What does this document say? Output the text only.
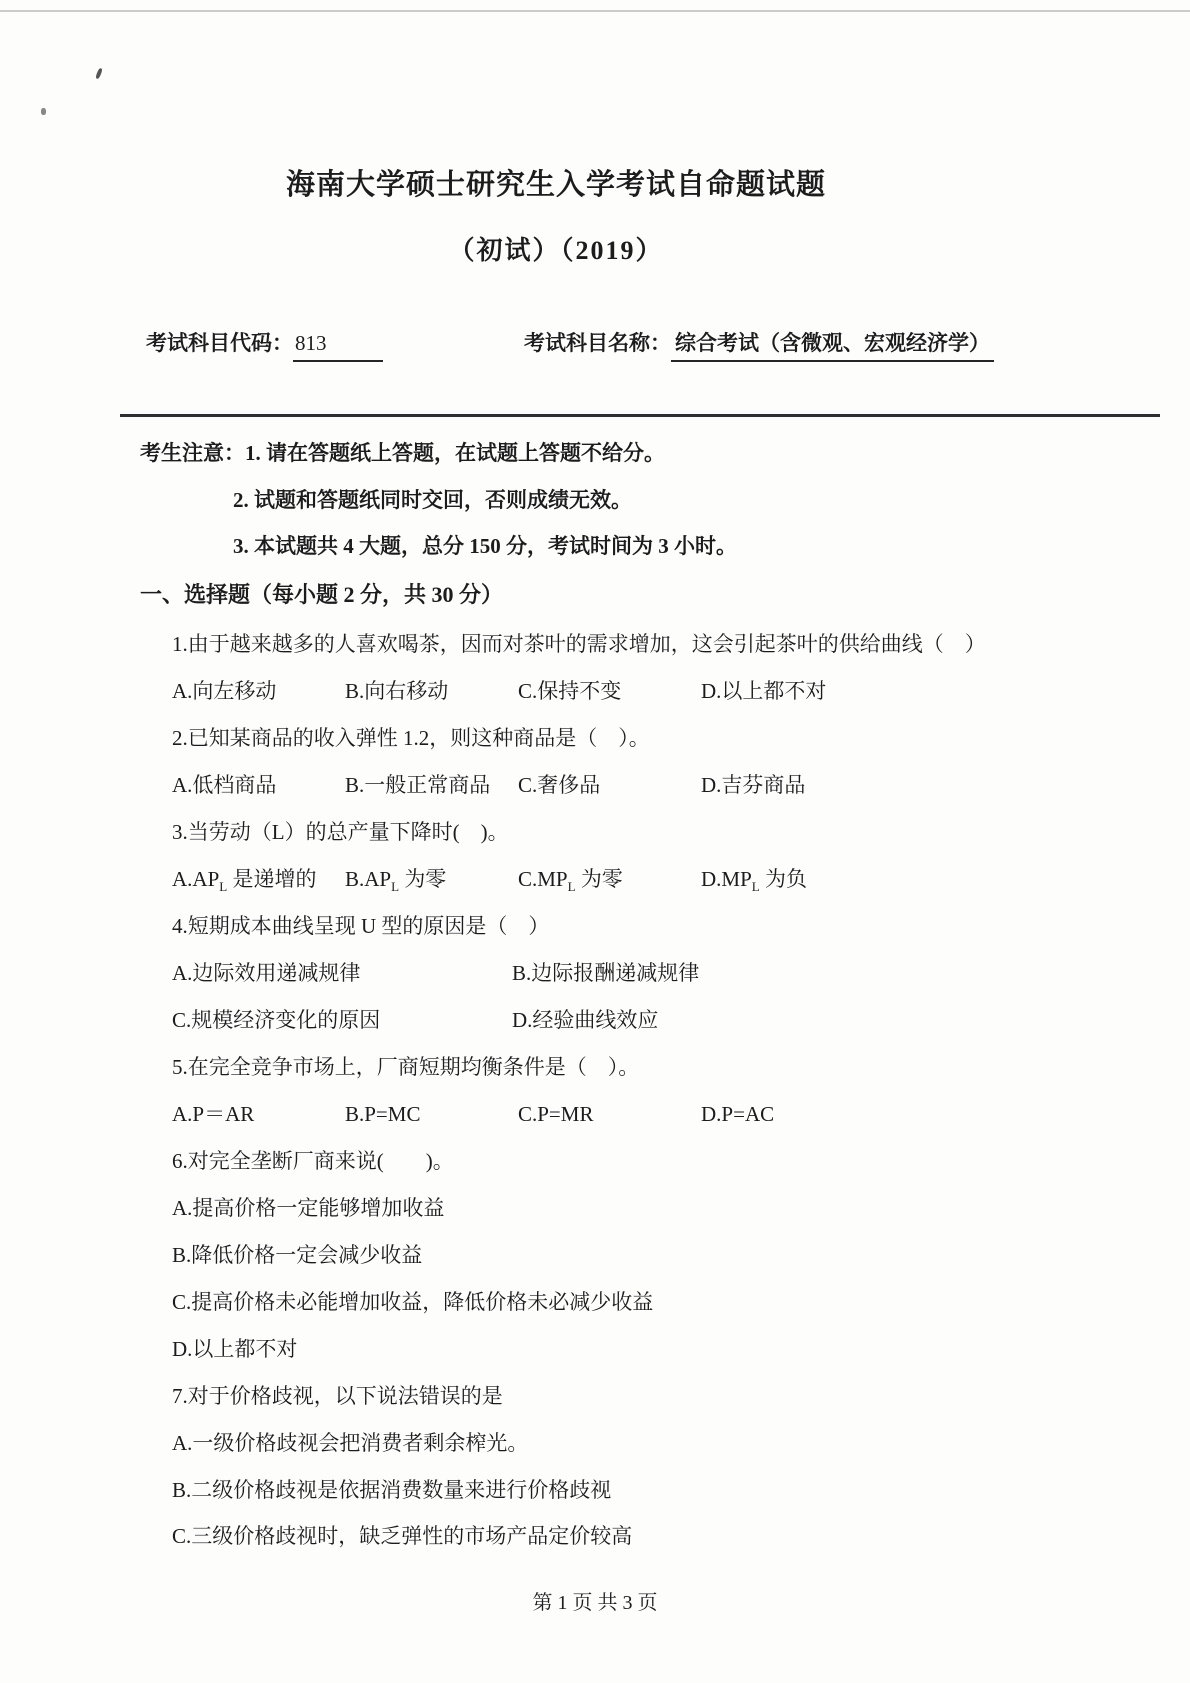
海南大学硕士研究生入学考试自命题试题
（初试）（2019）
考试科目代码：813	考试科目名称： 综合考试（含微观、宏观经济学）
考生注意：1. 请在答题纸上答题，在试题上答题不给分。
2. 试题和答题纸同时交回，否则成绩无效。
3. 本试题共 4 大题，总分 150 分，考试时间为 3 小时。
一、选择题（每小题 2 分，共 30 分）
1.由于越来越多的人喜欢喝茶，因而对茶叶的需求增加，这会引起茶叶的供给曲线（　）
A.向左移动	B.向右移动	C.保持不变	D.以上都不对
2.已知某商品的收入弹性 1.2，则这种商品是（　）。
A.低档商品	B.一般正常商品 C.奢侈品	D.吉芬商品
3.当劳动（L）的总产量下降时(　)。
$A.AP_L$ 是递增的 $B.AP_L$ 为零	$C.MP_L$ 为零	$D.MP_L$ 为负
4.短期成本曲线呈现 U 型的原因是（　）
A.边际效用递减规律	B.边际报酬递减规律
C.规模经济变化的原因	D.经验曲线效应
5.在完全竞争市场上，厂商短期均衡条件是（　）。
A.P＝AR	B.P=MC	C.P=MR	D.P=AC
6.对完全垄断厂商来说(　　)。
A.提高价格一定能够增加收益
B.降低价格一定会减少收益
C.提高价格未必能增加收益，降低价格未必减少收益
D.以上都不对
7.对于价格歧视，以下说法错误的是
A.一级价格歧视会把消费者剩余榨光。
B.二级价格歧视是依据消费数量来进行价格歧视
C.三级价格歧视时，缺乏弹性的市场产品定价较高
第 1 页 共 3 页
